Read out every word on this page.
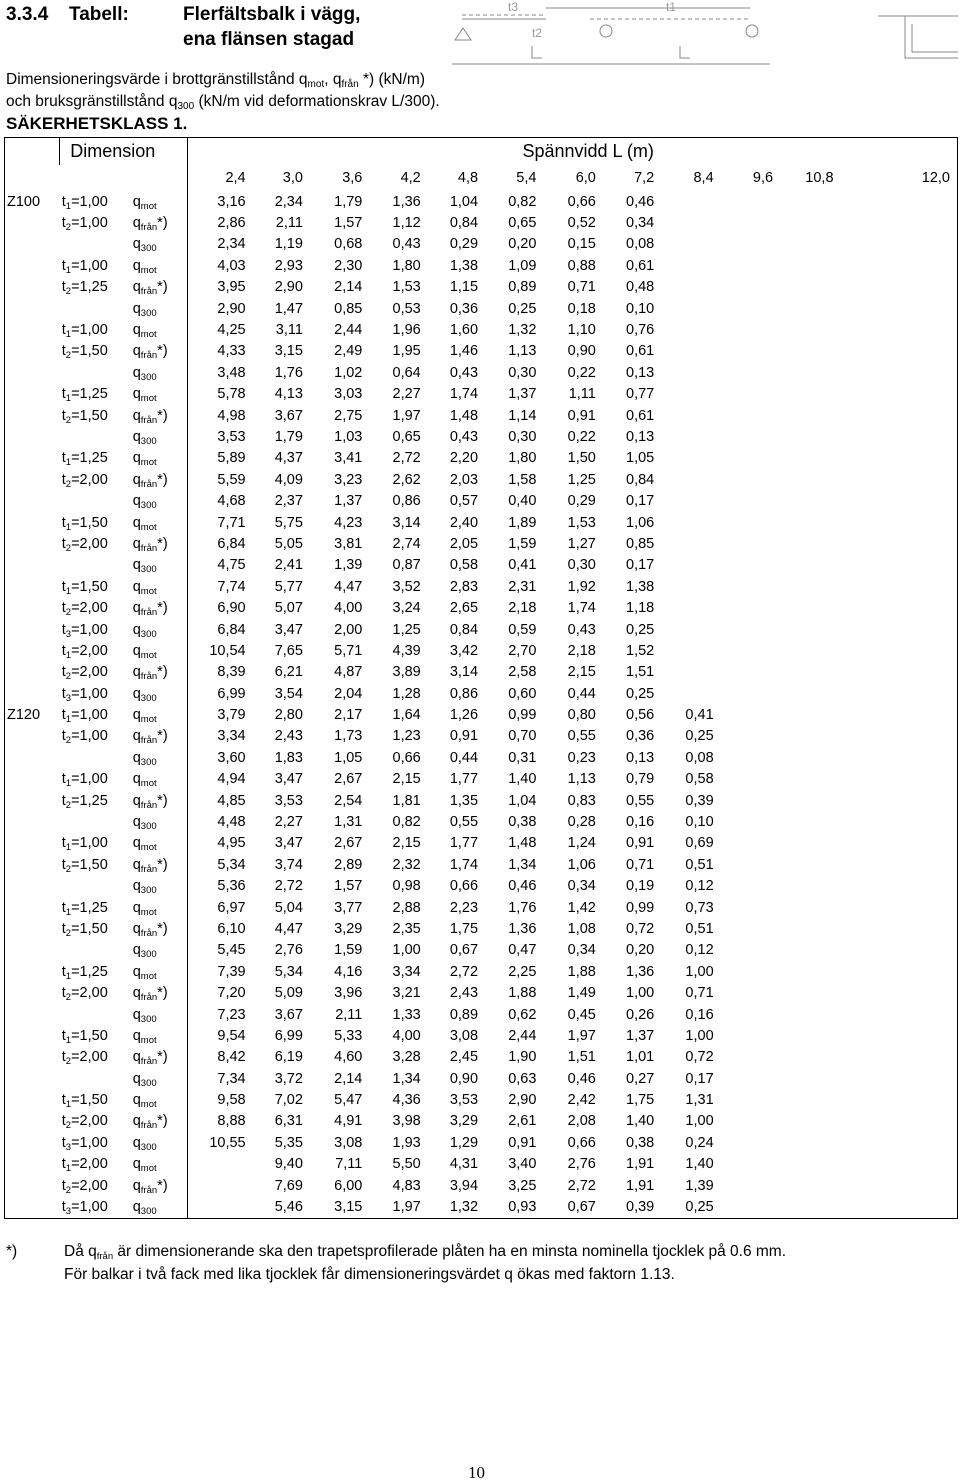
3.3.4 Tabell:	Flerfältsbalk i vägg,
ena flänsen stagad
t3
t2
t1
Dimensioneringsvärde i brottgränstillstånd $q_{mot}$, $q_{från}$ *) (kN/m)
och bruksgränstillstånd $q_{300}$ (kN/m vid deformationskrav L/300).
SÄKERHETSKLASS 1.
	Dimension		Spännvidd L (m)											
			2,4	3,0	3,6	4,2	4,8	5,4	6,0	7,2	8,4	9,6	10,8	12,0
Z100	$t_1=1,00$	$q_{mot}$	3,16	2,34	1,79	1,36	1,04	0,82	0,66	0,46				
	$t_2=1,00$	$q_{från}*$)	2,86	2,11	1,57	1,12	0,84	0,65	0,52	0,34				
		$q_{300}$	2,34	1,19	0,68	0,43	0,29	0,20	0,15	0,08				
	$t_1=1,00$	$q_{mot}$	4,03	2,93	2,30	1,80	1,38	1,09	0,88	0,61				
	$t_2=1,25$	$q_{från}*$)	3,95	2,90	2,14	1,53	1,15	0,89	0,71	0,48				
		$q_{300}$	2,90	1,47	0,85	0,53	0,36	0,25	0,18	0,10				
	$t_1=1,00$	$q_{mot}$	4,25	3,11	2,44	1,96	1,60	1,32	1,10	0,76				
	$t_2=1,50$	$q_{från}*$)	4,33	3,15	2,49	1,95	1,46	1,13	0,90	0,61				
		$q_{300}$	3,48	1,76	1,02	0,64	0,43	0,30	0,22	0,13				
	$t_1=1,25$	$q_{mot}$	5,78	4,13	3,03	2,27	1,74	1,37	1,11	0,77				
	$t_2=1,50$	$q_{från}*$)	4,98	3,67	2,75	1,97	1,48	1,14	0,91	0,61				
		$q_{300}$	3,53	1,79	1,03	0,65	0,43	0,30	0,22	0,13				
	$t_1=1,25$	$q_{mot}$	5,89	4,37	3,41	2,72	2,20	1,80	1,50	1,05				
	$t_2=2,00$	$q_{från}*$)	5,59	4,09	3,23	2,62	2,03	1,58	1,25	0,84				
		$q_{300}$	4,68	2,37	1,37	0,86	0,57	0,40	0,29	0,17				
	$t_1=1,50$	$q_{mot}$	7,71	5,75	4,23	3,14	2,40	1,89	1,53	1,06				
	$t_2=2,00$	$q_{från}*$)	6,84	5,05	3,81	2,74	2,05	1,59	1,27	0,85				
		$q_{300}$	4,75	2,41	1,39	0,87	0,58	0,41	0,30	0,17				
	$t_1=1,50$	$q_{mot}$	7,74	5,77	4,47	3,52	2,83	2,31	1,92	1,38				
	$t_2=2,00$	$q_{från}*$)	6,90	5,07	4,00	3,24	2,65	2,18	1,74	1,18				
	$t_3=1,00$	$q_{300}$	6,84	3,47	2,00	1,25	0,84	0,59	0,43	0,25				
	$t_1=2,00$	$q_{mot}$	10,54	7,65	5,71	4,39	3,42	2,70	2,18	1,52				
	$t_2=2,00$	$q_{från}*$)	8,39	6,21	4,87	3,89	3,14	2,58	2,15	1,51				
	$t_3=1,00$	$q_{300}$	6,99	3,54	2,04	1,28	0,86	0,60	0,44	0,25				
Z120	$t_1=1,00$	$q_{mot}$	3,79	2,80	2,17	1,64	1,26	0,99	0,80	0,56	0,41			
	$t_2=1,00$	$q_{från}*$)	3,34	2,43	1,73	1,23	0,91	0,70	0,55	0,36	0,25			
		$q_{300}$	3,60	1,83	1,05	0,66	0,44	0,31	0,23	0,13	0,08			
	$t_1=1,00$	$q_{mot}$	4,94	3,47	2,67	2,15	1,77	1,40	1,13	0,79	0,58			
	$t_2=1,25$	$q_{från}*$)	4,85	3,53	2,54	1,81	1,35	1,04	0,83	0,55	0,39			
		$q_{300}$	4,48	2,27	1,31	0,82	0,55	0,38	0,28	0,16	0,10			
	$t_1=1,00$	$q_{mot}$	4,95	3,47	2,67	2,15	1,77	1,48	1,24	0,91	0,69			
	$t_2=1,50$	$q_{från}*$)	5,34	3,74	2,89	2,32	1,74	1,34	1,06	0,71	0,51			
		$q_{300}$	5,36	2,72	1,57	0,98	0,66	0,46	0,34	0,19	0,12			
	$t_1=1,25$	$q_{mot}$	6,97	5,04	3,77	2,88	2,23	1,76	1,42	0,99	0,73			
	$t_2=1,50$	$q_{från}*$)	6,10	4,47	3,29	2,35	1,75	1,36	1,08	0,72	0,51			
		$q_{300}$	5,45	2,76	1,59	1,00	0,67	0,47	0,34	0,20	0,12			
	$t_1=1,25$	$q_{mot}$	7,39	5,34	4,16	3,34	2,72	2,25	1,88	1,36	1,00			
	$t_2=2,00$	$q_{från}*$)	7,20	5,09	3,96	3,21	2,43	1,88	1,49	1,00	0,71			
		$q_{300}$	7,23	3,67	2,11	1,33	0,89	0,62	0,45	0,26	0,16			
	$t_1=1,50$	$q_{mot}$	9,54	6,99	5,33	4,00	3,08	2,44	1,97	1,37	1,00			
	$t_2=2,00$	$q_{från}*$)	8,42	6,19	4,60	3,28	2,45	1,90	1,51	1,01	0,72			
		$q_{300}$	7,34	3,72	2,14	1,34	0,90	0,63	0,46	0,27	0,17			
	$t_1=1,50$	$q_{mot}$	9,58	7,02	5,47	4,36	3,53	2,90	2,42	1,75	1,31			
	$t_2=2,00$	$q_{från}*$)	8,88	6,31	4,91	3,98	3,29	2,61	2,08	1,40	1,00			
	$t_3=1,00$	$q_{300}$	10,55	5,35	3,08	1,93	1,29	0,91	0,66	0,38	0,24			
	$t_1=2,00$	$q_{mot}$		9,40	7,11	5,50	4,31	3,40	2,76	1,91	1,40			
	$t_2=2,00$	$q_{från}*$)		7,69	6,00	4,83	3,94	3,25	2,72	1,91	1,39			
	$t_3=1,00$	$q_{300}$		5,46	3,15	1,97	1,32	0,93	0,67	0,39	0,25			
*)	Då $q_{från}$ är dimensionerande ska den trapetsprofilerade plåten ha en minsta nominella tjocklek på 0.6 mm.
För balkar i två fack med lika tjocklek får dimensioneringsvärdet q ökas med faktorn 1.13.
10
